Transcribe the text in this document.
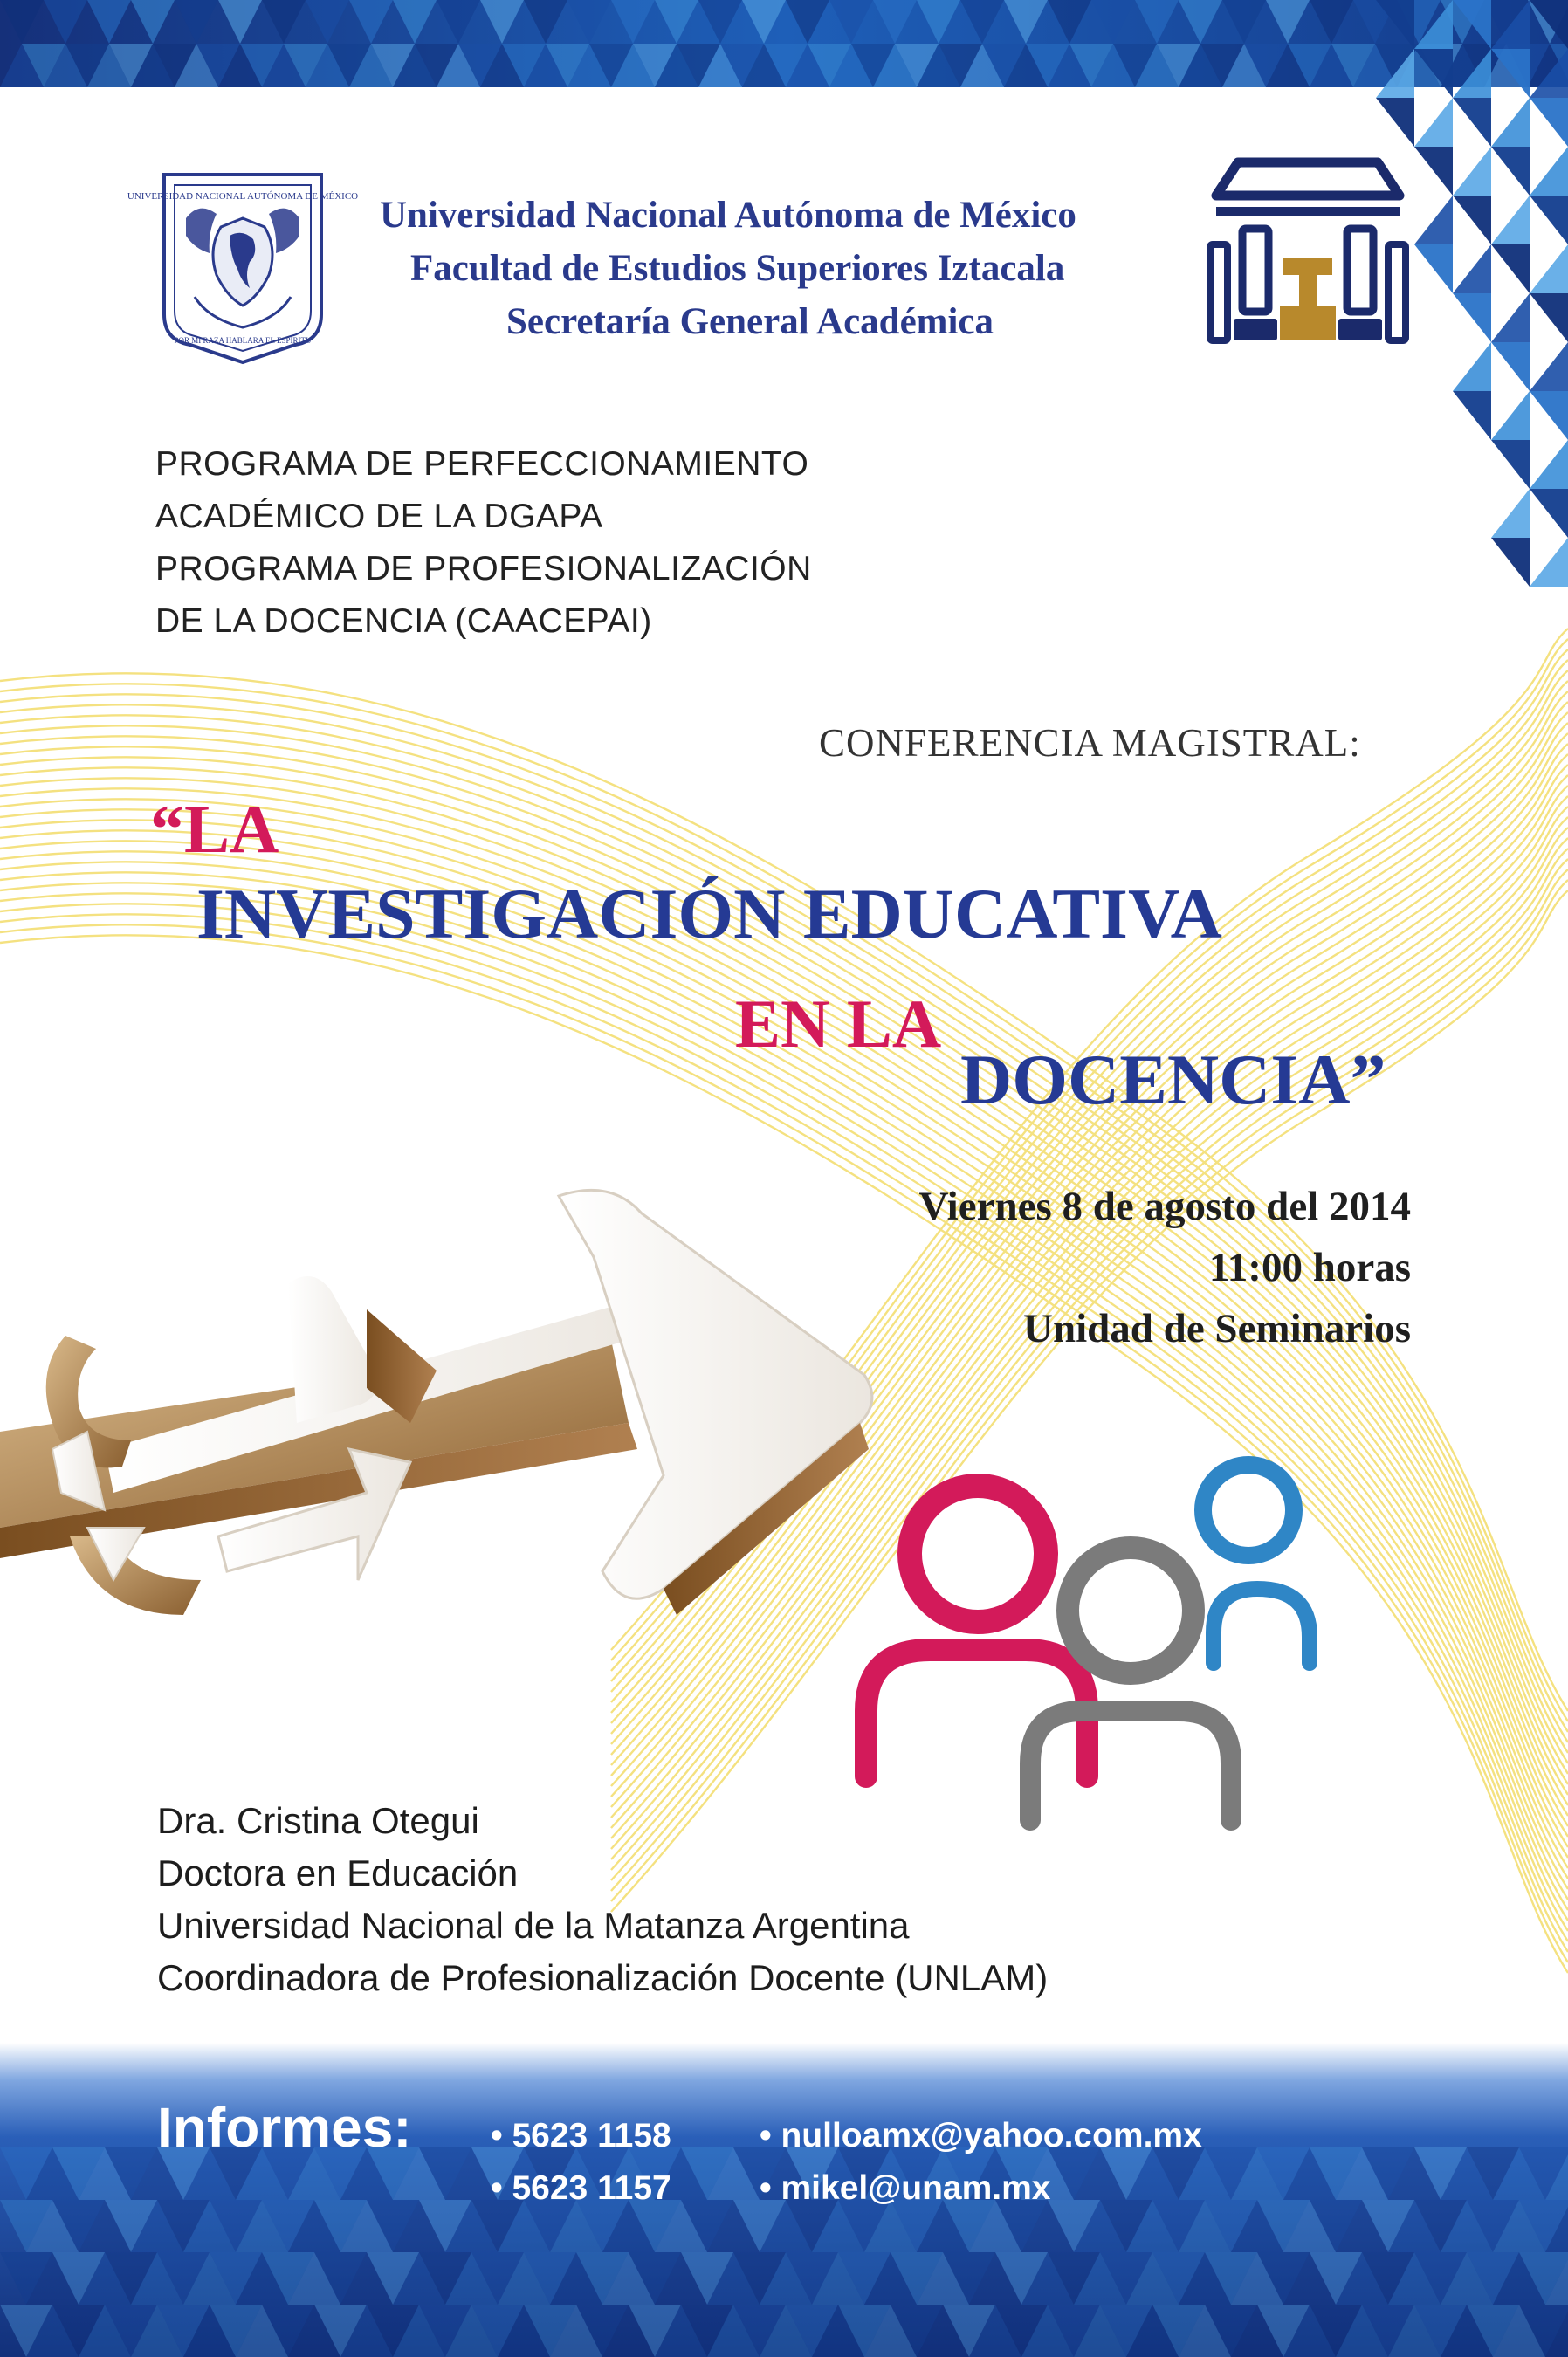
UNIVERSIDAD NACIONAL AUTÓNOMA DE MÉXICO
POR MI RAZA HABLARA EL ESPIRITU
Universidad Nacional Autónoma de México
Facultad de Estudios Superiores Iztacala
Secretaría General Académica
PROGRAMA DE PERFECCIONAMIENTO
ACADÉMICO DE LA DGAPA
PROGRAMA DE PROFESIONALIZACIÓN
DE LA DOCENCIA (CAACEPAI)
CONFERENCIA MAGISTRAL:
“LA
INVESTIGACIÓN EDUCATIVA
EN LA
DOCENCIA”
Viernes 8 de agosto del 2014
11:00 horas
Unidad de Seminarios
Dra. Cristina Otegui
Doctora en Educación
Universidad Nacional de la Matanza Argentina
Coordinadora de Profesionalización Docente (UNLAM)
Informes: • 5623 1158
• 5623 1157
• nulloamx@yahoo.com.mx
• mikel@unam.mx
